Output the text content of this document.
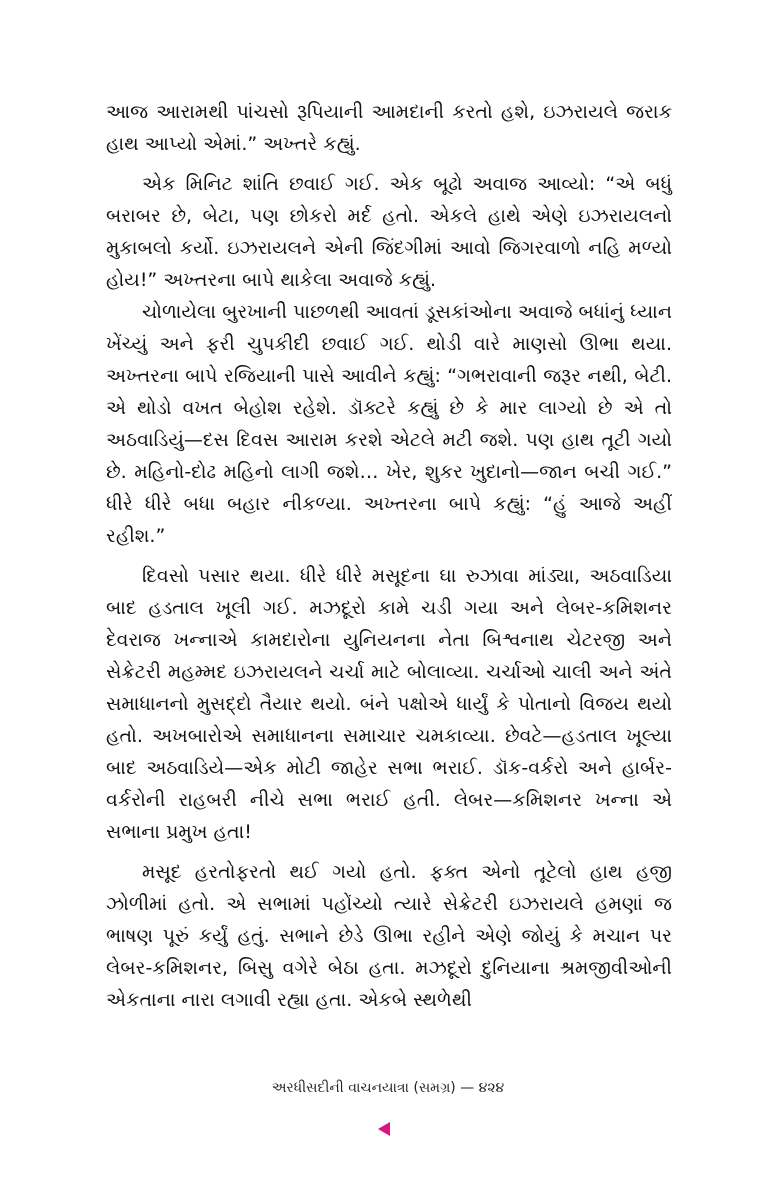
આજ આરામથી પાંચસો રૂપિયાની આમદાની કરતો હશે, ઇઝરાયલે જરાક હાથ આપ્યો એમાં.” અખ્તરે કહ્યું.

એક મિનિટ શાંતિ છવાઈ ગઈ. એક બૂઢો અવાજ આવ્યો: “એ બધું બરાબર છે, બેટા, પણ છોકરો મર્દ હતો. એકલે હાથે એણે ઇઝરાયલનો મુકાબલો કર્યો. ઇઝરાયલને એની જિંદગીમાં આવો જિગરવાળો નહિ મળ્યો હોય!” અખ્તરના બાપે થાકેલા અવાજે કહ્યું.

ચોળાયેલા બુરખાની પાછળથી આવતાં ડૂસકાંઓના અવાજે બધાંનું ધ્યાન ખેંચ્યું અને ફરી ચુપકીદી છવાઈ ગઈ. થોડી વારે માણસો ઊભા થયા. અખ્તરના બાપે રજિયાની પાસે આવીને કહ્યું: “ગભરાવાની જરૂર નથી, બેટી. એ થોડો વખત બેહોશ રહેશે. ડૉક્ટરે કહ્યું છે કે માર લાગ્યો છે એ તો અઠવાડિયું—દસ દિવસ આરામ કરશે એટલે મટી જશે. પણ હાથ તૂટી ગયો છે. મહિનો-દોઢ મહિનો લાગી જશે… ખેર, શુકર ખુદાનો—જાન બચી ગઈ.” ધીરે ધીરે બધા બહાર નીકળ્યા. અખ્તરના બાપે કહ્યું: “હું આજે અહીં રહીશ.”

દિવસો પસાર થયા. ધીરે ધીરે મસૂદના ઘા રુઝાવા માંડ્યા, અઠવાડિયા બાદ હડતાલ ખૂલી ગઈ. મઝદૂરો કામે ચડી ગયા અને લેબર-કમિશનર દેવરાજ ખન્નાએ કામદારોના યુનિયનના નેતા બિશ્વનાથ ચેટરજી અને સેક્રેટરી મહમ્મદ ઇઝરાયલને ચર્ચા માટે બોલાવ્યા. ચર્ચાઓ ચાલી અને અંતે સમાધાનનો મુસદ્દો તૈયાર થયો. બંને પક્ષોએ ધાર્યું કે પોતાનો વિજય થયો હતો. અખબારોએ સમાધાનના સમાચાર ચમકાવ્યા. છેવટે—હડતાલ ખૂલ્યા બાદ અઠવાડિયે—એક મોટી જાહેર સભા ભરાઈ. ડૉક-વર્કરો અને હાર્બર-વર્કરોની રાહબરી નીચે સભા ભરાઈ હતી. લેબર—કમિશનર ખન્ના એ સભાના પ્રમુખ હતા!

મસૂદ હરતોફરતો થઈ ગયો હતો. ફક્ત એનો તૂટેલો હાથ હજી ઝોળીમાં હતો. એ સભામાં પહોંચ્યો ત્યારે સેક્રેટરી ઇઝરાયલે હમણાં જ ભાષણ પૂરું કર્યું હતું. સભાને છેડે ઊભા રહીને એણે જોયું કે મચાન પર લેબર-કમિશનર, બિસુ વગેરે બેઠા હતા. મઝદૂરો દુનિયાના શ્રમજીવીઓની એકતાના નારા લગાવી રહ્યા હતા. એકબે સ્થળેથી

અરધીસદીની વાચનયાત્રા (સમગ્ર) — ૪૨૪
